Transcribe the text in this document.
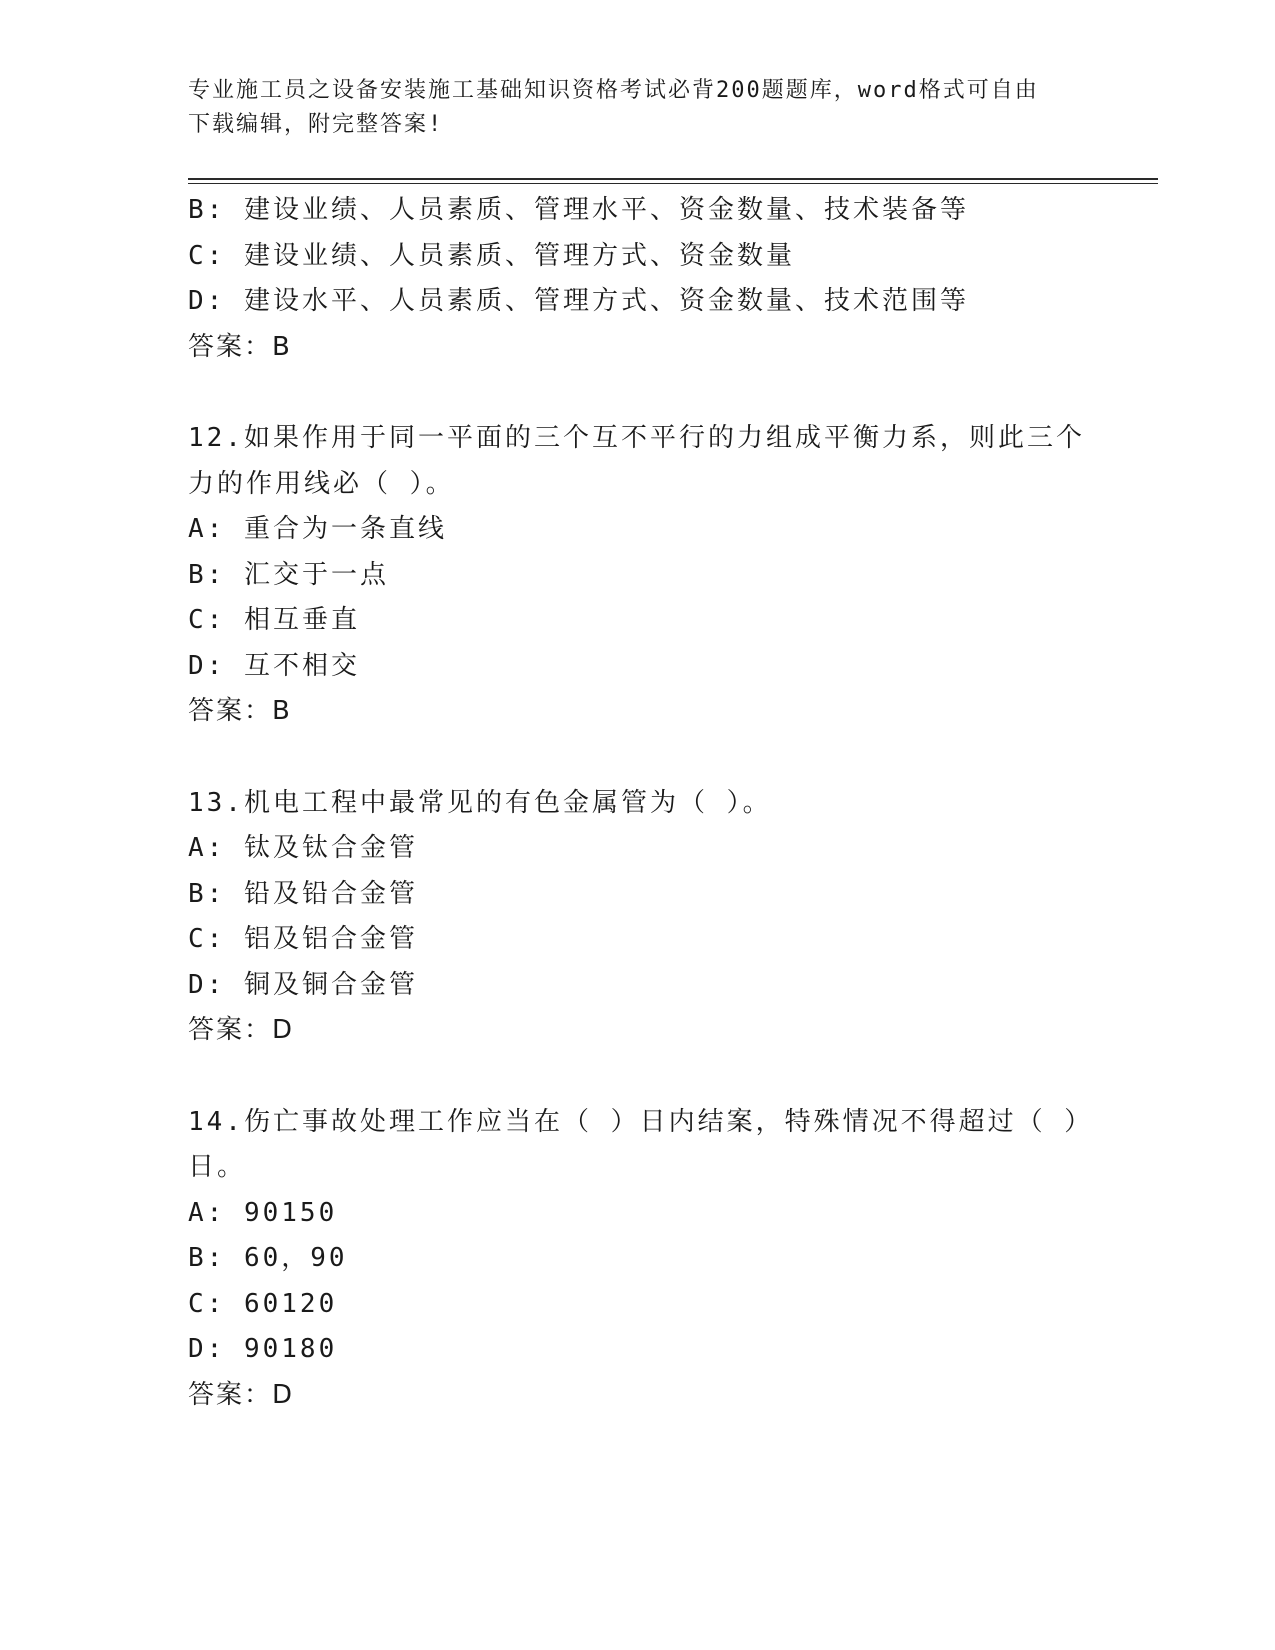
专业施工员之设备安装施工基础知识资格考试必背200题题库，word格式可自由
下载编辑，附完整答案!
B: 建设业绩、人员素质、管理水平、资金数量、技术装备等
C: 建设业绩、人员素质、管理方式、资金数量
D: 建设水平、人员素质、管理方式、资金数量、技术范围等
答案：B
12.如果作用于同一平面的三个互不平行的力组成平衡力系，则此三个
力的作用线必（ ）。
A: 重合为一条直线
B: 汇交于一点
C: 相互垂直
D: 互不相交
答案：B
13.机电工程中最常见的有色金属管为（ ）。
A: 钛及钛合金管
B: 铅及铅合金管
C: 铝及铝合金管
D: 铜及铜合金管
答案：D
14.伤亡事故处理工作应当在（ ）日内结案，特殊情况不得超过（ ）
日。
A: 90150
B: 60，90
C: 60120
D: 90180
答案：D
